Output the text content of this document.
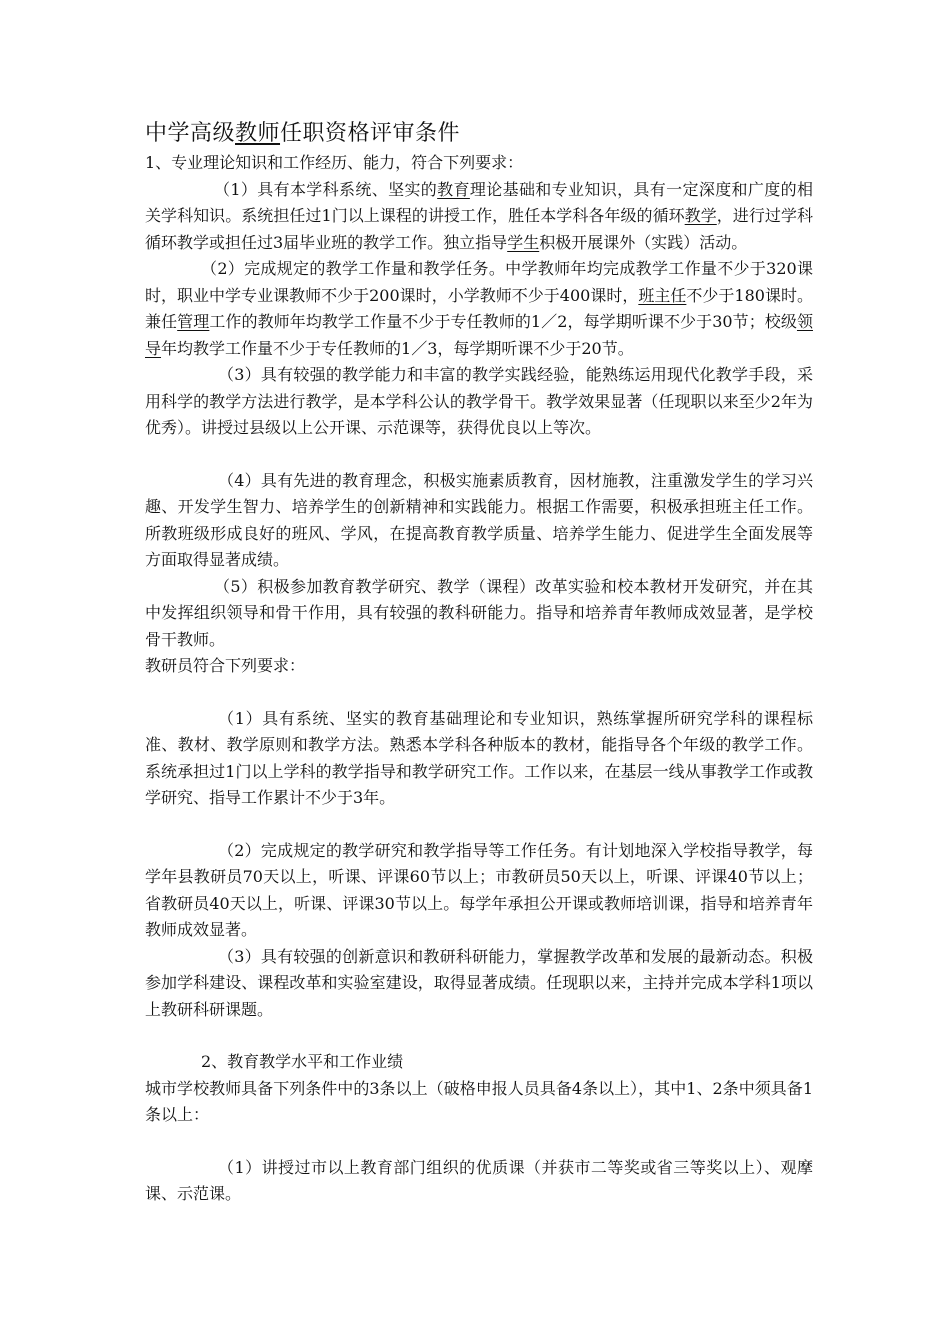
中学高级教师任职资格评审条件

1、专业理论知识和工作经历、能力，符合下列要求：

（1）具有本学科系统、坚实的教育理论基础和专业知识，具有一定深度和广度的相关学科知识。系统担任过1门以上课程的讲授工作，胜任本学科各年级的循环教学，进行过学科循环教学或担任过3届毕业班的教学工作。独立指导学生积极开展课外（实践）活动。

（2）完成规定的教学工作量和教学任务。中学教师年均完成教学工作量不少于320课时，职业中学专业课教师不少于200课时，小学教师不少于400课时，班主任不少于180课时。兼任管理工作的教师年均教学工作量不少于专任教师的1／2，每学期听课不少于30节；校级领导年均教学工作量不少于专任教师的1／3，每学期听课不少于20节。

（3）具有较强的教学能力和丰富的教学实践经验，能熟练运用现代化教学手段，采用科学的教学方法进行教学，是本学科公认的教学骨干。教学效果显著（任现职以来至少2年为优秀）。讲授过县级以上公开课、示范课等，获得优良以上等次。

（4）具有先进的教育理念，积极实施素质教育，因材施教，注重激发学生的学习兴趣、开发学生智力、培养学生的创新精神和实践能力。根据工作需要，积极承担班主任工作。所教班级形成良好的班风、学风，在提高教育教学质量、培养学生能力、促进学生全面发展等方面取得显著成绩。

（5）积极参加教育教学研究、教学（课程）改革实验和校本教材开发研究，并在其中发挥组织领导和骨干作用，具有较强的教科研能力。指导和培养青年教师成效显著，是学校骨干教师。

教研员符合下列要求：

（1）具有系统、坚实的教育基础理论和专业知识，熟练掌握所研究学科的课程标准、教材、教学原则和教学方法。熟悉本学科各种版本的教材，能指导各个年级的教学工作。系统承担过1门以上学科的教学指导和教学研究工作。工作以来，在基层一线从事教学工作或教学研究、指导工作累计不少于3年。

（2）完成规定的教学研究和教学指导等工作任务。有计划地深入学校指导教学，每学年县教研员70天以上，听课、评课60节以上；市教研员50天以上，听课、评课40节以上；省教研员40天以上，听课、评课30节以上。每学年承担公开课或教师培训课，指导和培养青年教师成效显著。

（3）具有较强的创新意识和教研科研能力，掌握教学改革和发展的最新动态。积极参加学科建设、课程改革和实验室建设，取得显著成绩。任现职以来，主持并完成本学科1项以上教研科研课题。

2、教育教学水平和工作业绩

城市学校教师具备下列条件中的3条以上（破格申报人员具备4条以上），其中1、2条中须具备1条以上：

（1）讲授过市以上教育部门组织的优质课（并获市二等奖或省三等奖以上）、观摩课、示范课。
